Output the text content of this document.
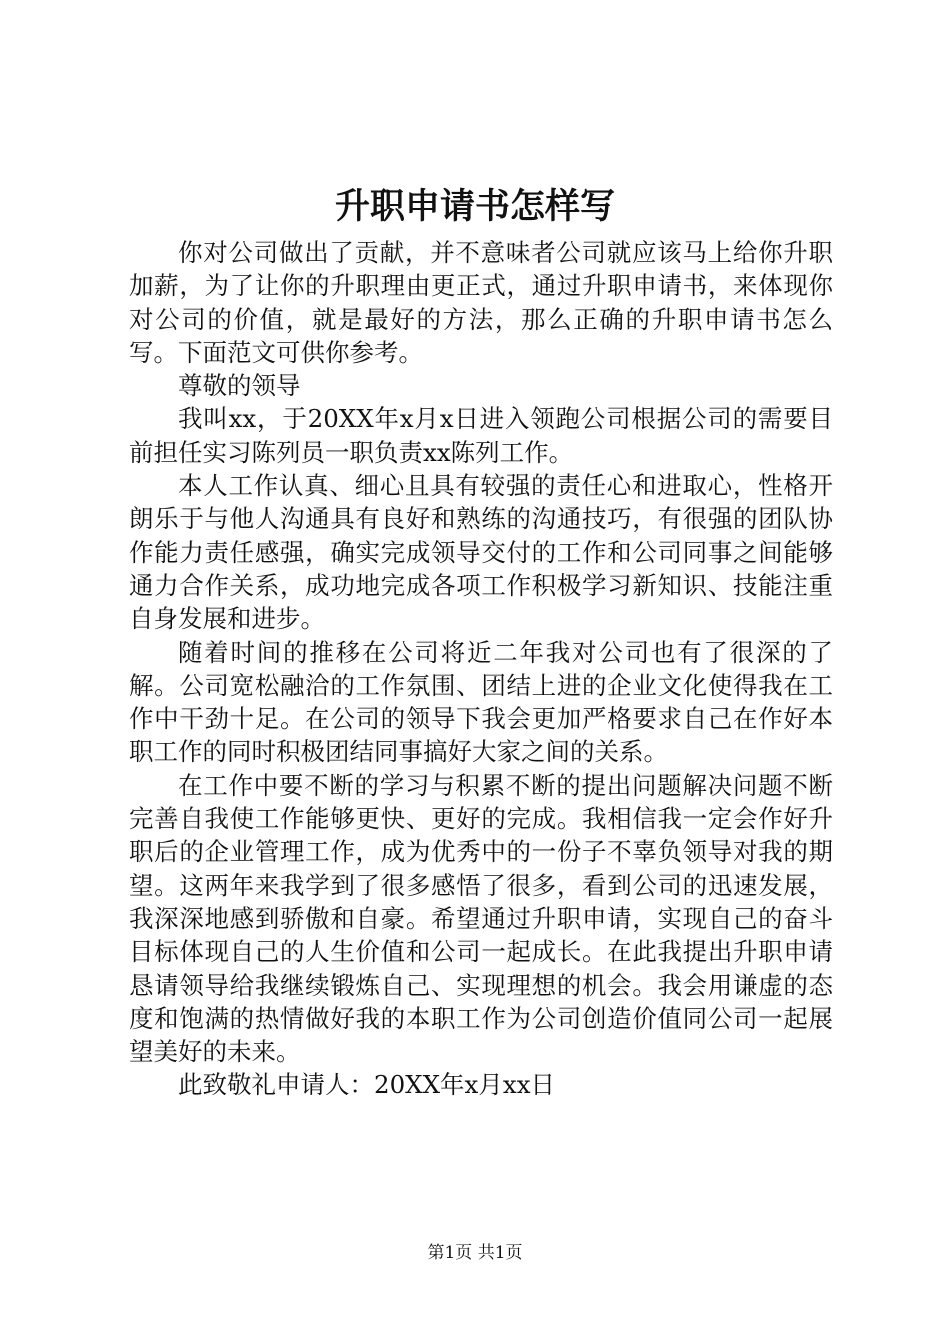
升职申请书怎样写

你对公司做出了贡献，并不意味者公司就应该马上给你升职加薪，为了让你的升职理由更正式，通过升职申请书，来体现你对公司的价值，就是最好的方法，那么正确的升职申请书怎么写。下面范文可供你参考。

尊敬的领导

我叫xx，于20XX年x月x日进入领跑公司根据公司的需要目前担任实习陈列员一职负责xx陈列工作。

本人工作认真、细心且具有较强的责任心和进取心，性格开朗乐于与他人沟通具有良好和熟练的沟通技巧，有很强的团队协作能力责任感强，确实完成领导交付的工作和公司同事之间能够通力合作关系，成功地完成各项工作积极学习新知识、技能注重自身发展和进步。

随着时间的推移在公司将近二年我对公司也有了很深的了解。公司宽松融洽的工作氛围、团结上进的企业文化使得我在工作中干劲十足。在公司的领导下我会更加严格要求自己在作好本职工作的同时积极团结同事搞好大家之间的关系。

在工作中要不断的学习与积累不断的提出问题解决问题不断完善自我使工作能够更快、更好的完成。我相信我一定会作好升职后的企业管理工作，成为优秀中的一份子不辜负领导对我的期望。这两年来我学到了很多感悟了很多，看到公司的迅速发展，我深深地感到骄傲和自豪。希望通过升职申请，实现自己的奋斗目标体现自己的人生价值和公司一起成长。在此我提出升职申请恳请领导给我继续锻炼自己、实现理想的机会。我会用谦虚的态度和饱满的热情做好我的本职工作为公司创造价值同公司一起展望美好的未来。

此致敬礼申请人：20XX年x月xx日

第1页 共1页
